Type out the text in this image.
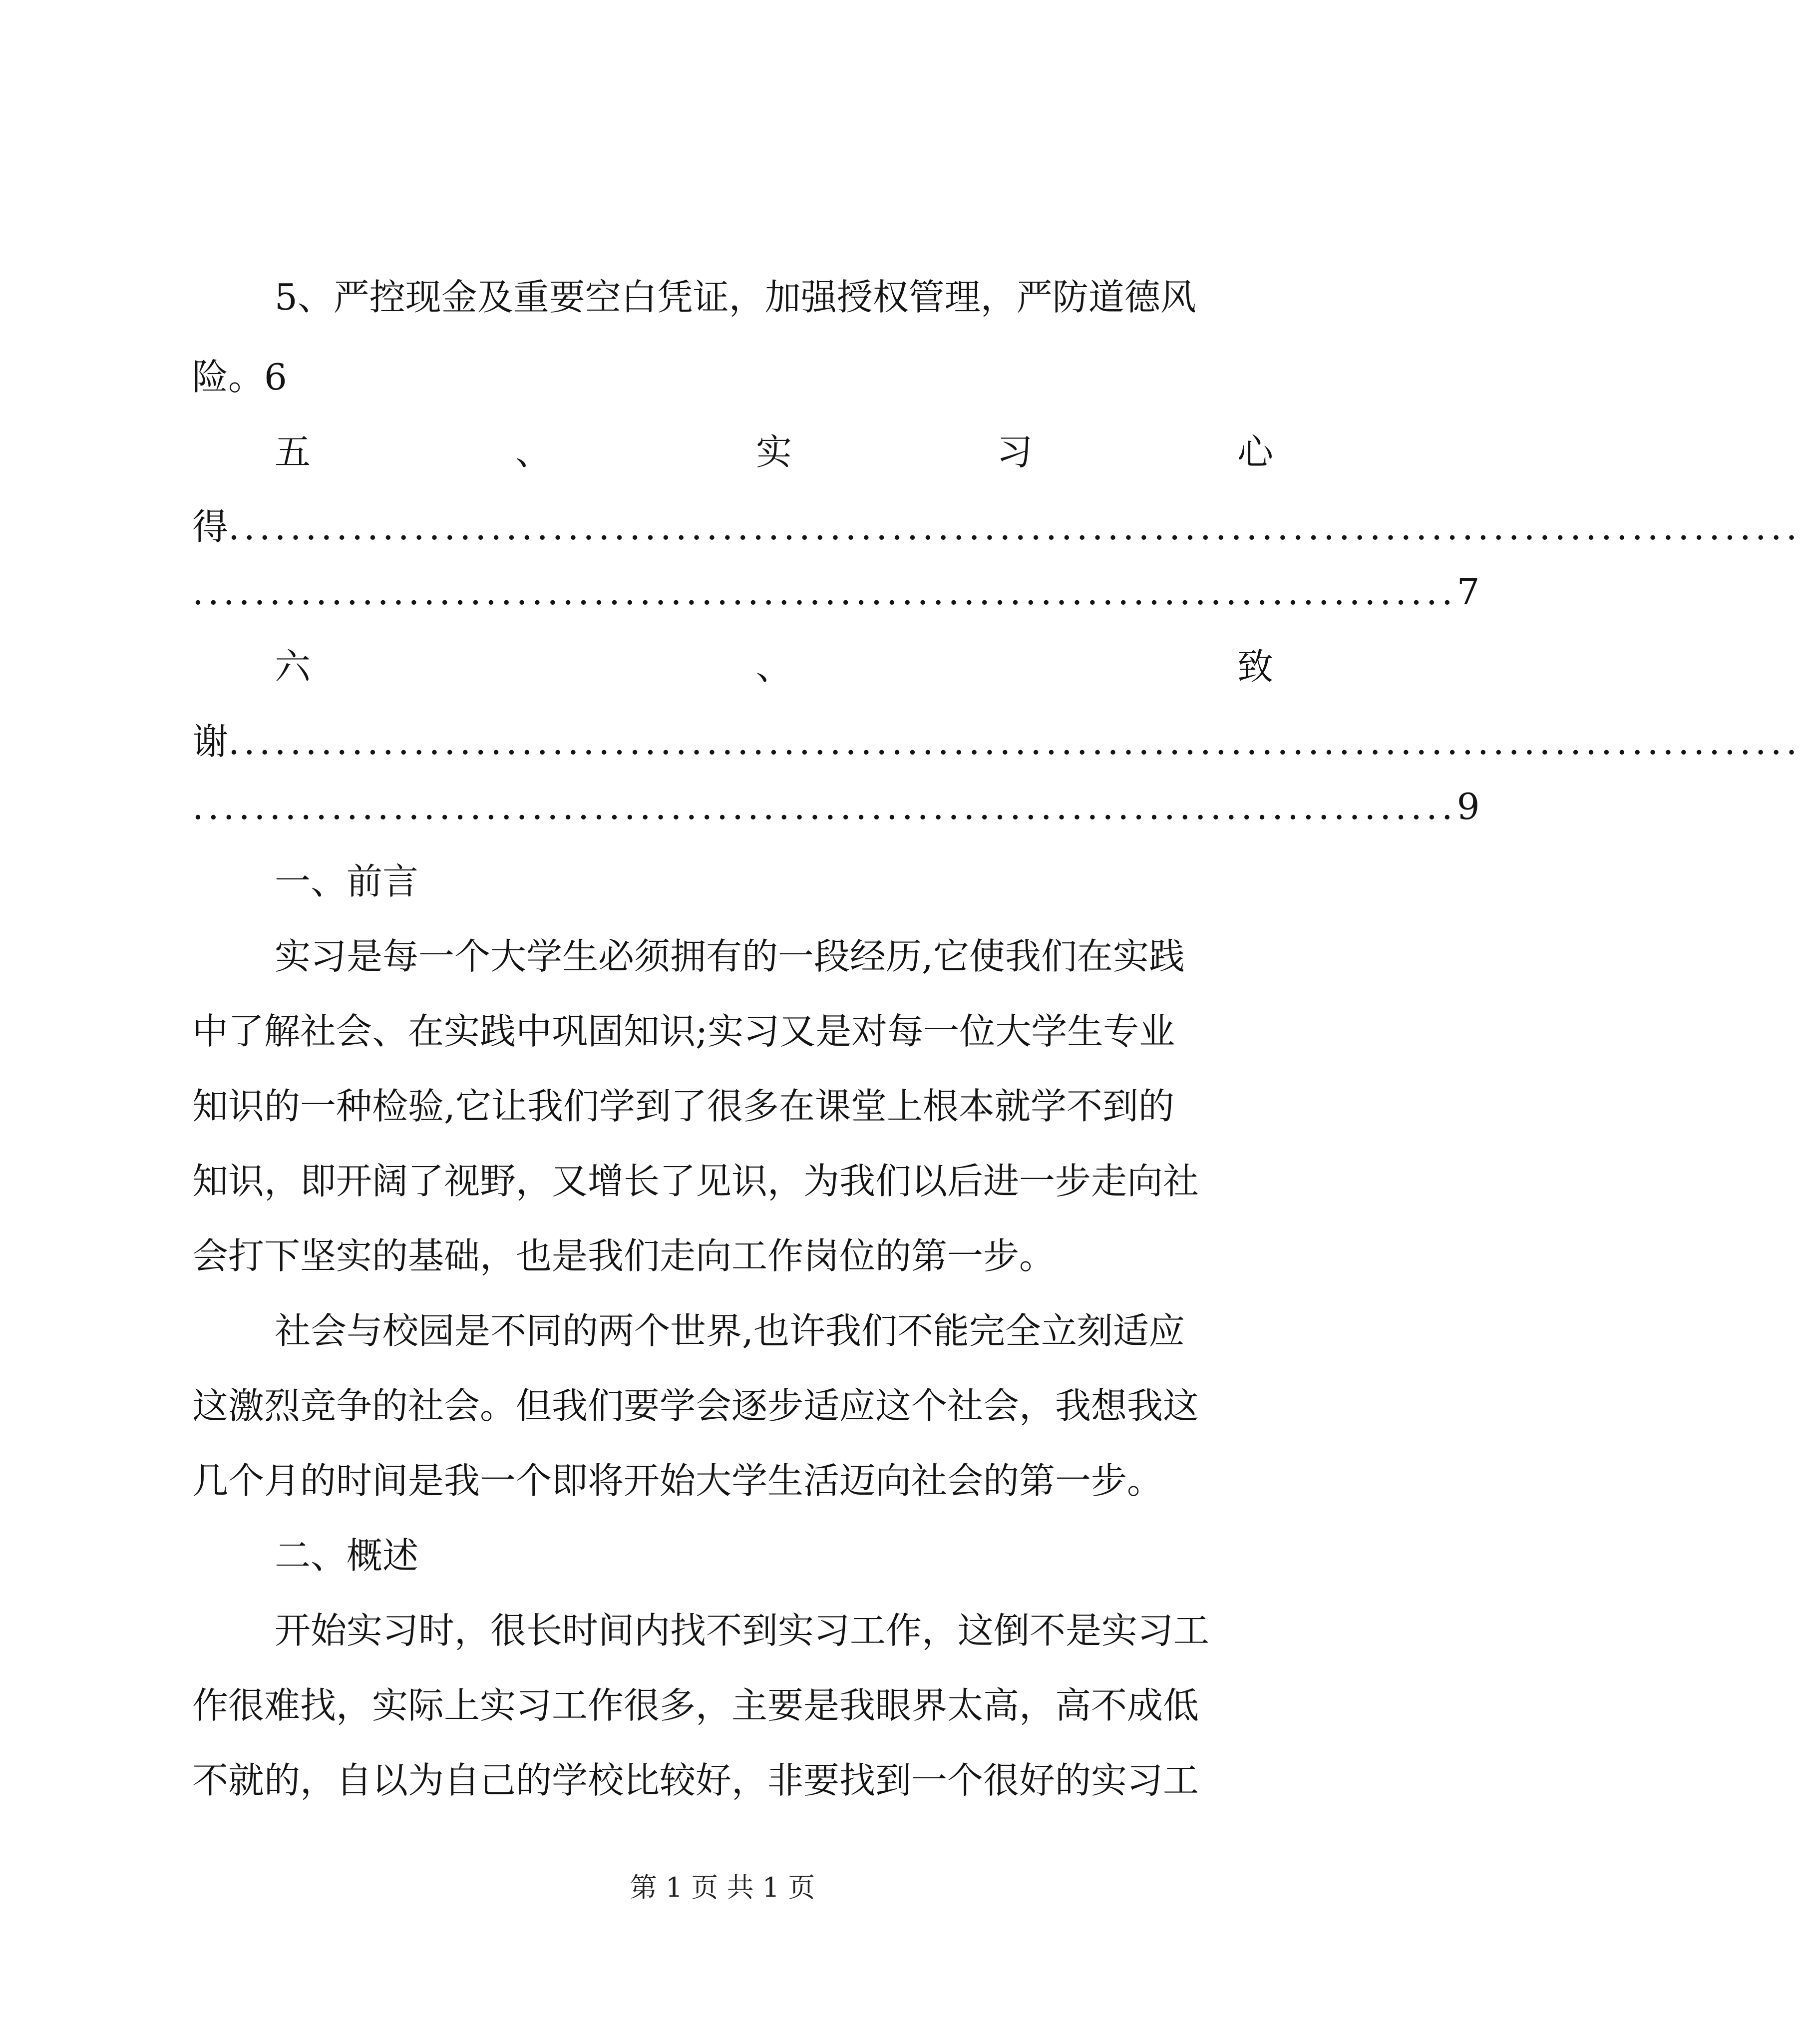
5、严控现金及重要空白凭证，加强授权管理，严防道德风
险。6
五	、	实	习	心
得 ......................................................................................................
.................................................................................. 7
六	、	致
谢 ......................................................................................................
.................................................................................. 9
一、前言
实习是每一个大学生必须拥有的一段经历,它使我们在实践
中了解社会、在实践中巩固知识;实习又是对每一位大学生专业
知识的一种检验,它让我们学到了很多在课堂上根本就学不到的
知识，即开阔了视野，又增长了见识，为我们以后进一步走向社
会打下坚实的基础，也是我们走向工作岗位的第一步。
社会与校园是不同的两个世界,也许我们不能完全立刻适应
这激烈竞争的社会。但我们要学会逐步适应这个社会，我想我这
几个月的时间是我一个即将开始大学生活迈向社会的第一步。
二、概述
开始实习时，很长时间内找不到实习工作，这倒不是实习工
作很难找，实际上实习工作很多，主要是我眼界太高，高不成低
不就的，自以为自己的学校比较好，非要找到一个很好的实习工
第 1 页 共 1 页
